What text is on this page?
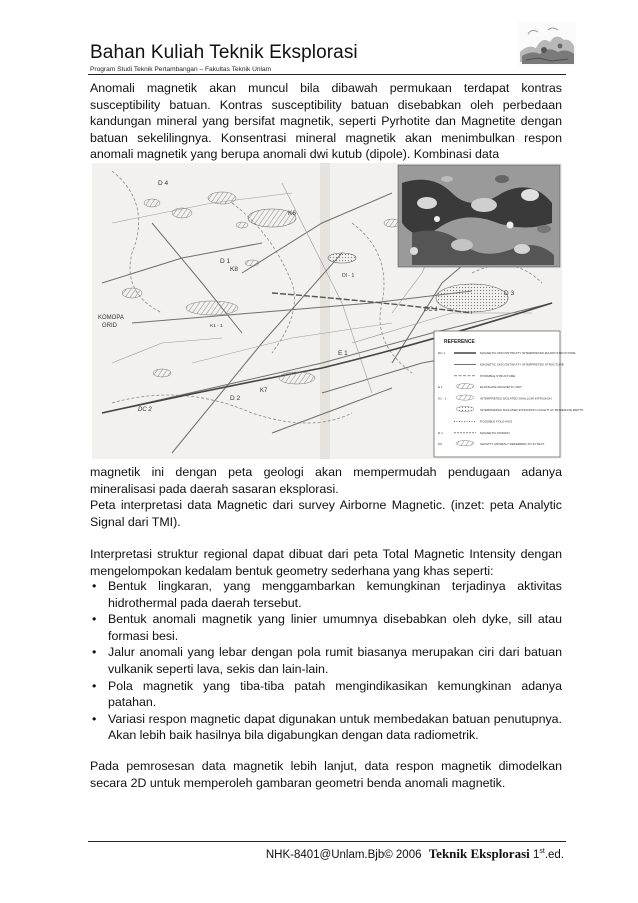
Bahan Kuliah Teknik Eksplorasi
Program Studi Teknik Pertambangan – Fakultas Teknik Unlam

Anomali magnetik akan muncul bila dibawah permukaan terdapat kontras susceptibility batuan. Kontras susceptibility batuan disebabkan oleh perbedaan kandungan mineral yang bersifat magnetik, seperti Pyrhotite dan Magnetite dengan batuan sekelilingnya. Konsentrasi mineral magnetik akan menimbulkan respon anomali magnetik yang berupa anomali dwi kutub (dipole). Kombinasi data

D 4
K6
D 1
K8
DI - 1
D 3
DC 1
KOMOPA
GRID	K1 - 1
E 1
D 2
K7
DC 2
REFERENCE
DC 1	MAGNETIC DISCONTINUITY INTERPRETED MAJOR STRUCTURE
MAGNETIC DISCONTINUITY INTERPRETED STRUCTURE
POSSIBLE STRUCTURE
E 1	ELONGATE MAGNETIC UNIT
K1 - 1	INTERPRETED ISOLATED SHALLOW INTRUSION
INTERPRETED ISOLATED INTRUSION CAUGHT AT MODERATE DEPTH
POSSIBLE FOLD AXIS
D 1	MAGNETIC DOMAIN
K6	GRAVITY ANOMALY REFERRED TO IN TEXT

magnetik ini dengan peta geologi akan mempermudah pendugaan adanya mineralisasi pada daerah sasaran eksplorasi.

Peta interpretasi data Magnetic dari survey Airborne Magnetic. (inzet: peta Analytic Signal dari TMI).

Interpretasi struktur regional dapat dibuat dari peta Total Magnetic Intensity dengan mengelompokan kedalam bentuk geometry sederhana yang khas seperti:

• Bentuk lingkaran, yang menggambarkan kemungkinan terjadinya aktivitas hidrothermal pada daerah tersebut.
• Bentuk anomali magnetik yang linier umumnya disebabkan oleh dyke, sill atau formasi besi.
• Jalur anomali yang lebar dengan pola rumit biasanya merupakan ciri dari batuan vulkanik seperti lava, sekis dan lain-lain.
• Pola magnetik yang tiba-tiba patah mengindikasikan kemungkinan adanya patahan.
• Variasi respon magnetic dapat digunakan untuk membedakan batuan penutupnya. Akan lebih baik hasilnya bila digabungkan dengan data radiometrik.

Pada pemrosesan data magnetik lebih lanjut, data respon magnetik dimodelkan secara 2D untuk memperoleh gambaran geometri benda anomali magnetik.

NHK-8401@Unlam.Bjb© 2006 Teknik Eksplorasi 1st.ed.
